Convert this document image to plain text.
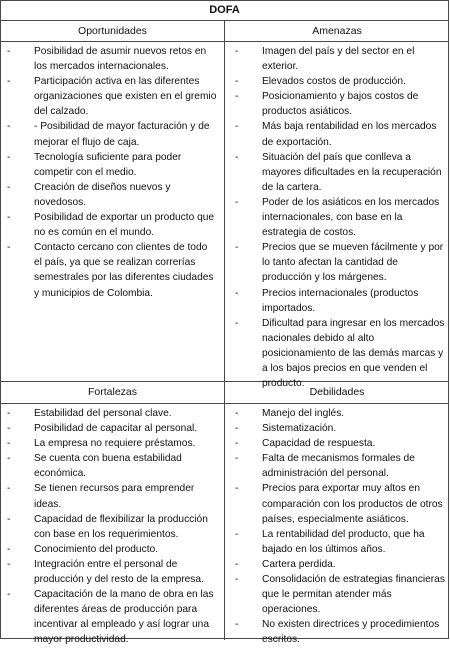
DOFA
Oportunidades
- Posibilidad de asumir nuevos retos en los mercados internacionales.
- Participación activa en las diferentes organizaciones que existen en el gremio del calzado.
- - Posibilidad de mayor facturación y de mejorar el flujo de caja.
- Tecnología suficiente para poder competir con el medio.
- Creación de diseños nuevos y novedosos.
- Posibilidad de exportar un producto que no es común en el mundo.
- Contacto cercano con clientes de todo el país, ya que se realizan correrías semestrales por las diferentes ciudades y municipios de Colombia.
Amenazas
- Imagen del país y del sector en el exterior.
- Elevados costos de producción.
- Posicionamiento y bajos costos de productos asiáticos.
- Más baja rentabilidad en los mercados de exportación.
- Situación del país que conlleva a mayores dificultades en la recuperación de la cartera.
- Poder de los asiáticos en los mercados internacionales, con base en la estrategia de costos.
- Precios que se mueven fácilmente y por lo tanto afectan la cantidad de producción y los márgenes.
- Precios internacionales (productos importados.
- Dificultad para ingresar en los mercados nacionales debido al alto posicionamiento de las demás marcas y a los bajos precios en que venden el producto.
Fortalezas
- Estabilidad del personal clave.
- Posibilidad de capacitar al personal.
- La empresa no requiere préstamos.
- Se cuenta con buena estabilidad económica.
- Se tienen recursos para emprender ideas.
- Capacidad de flexibilizar la producción con base en los requerimientos.
- Conocimiento del producto.
- Integración entre el personal de producción y del resto de la empresa.
- Capacitación de la mano de obra en las diferentes áreas de producción para incentivar al empleado y así lograr una mayor productividad.
Debilidades
- Manejo del inglés.
- Sistematización.
- Capacidad de respuesta.
- Falta de mecanismos formales de administración del personal.
- Precios para exportar muy altos en comparación con los productos de otros países, especialmente asiáticos.
- La rentabilidad del producto, que ha bajado en los últimos años.
- Cartera perdida.
- Consolidación de estrategias financieras que le permitan atender más operaciones.
- No existen directrices y procedimientos escritos.
